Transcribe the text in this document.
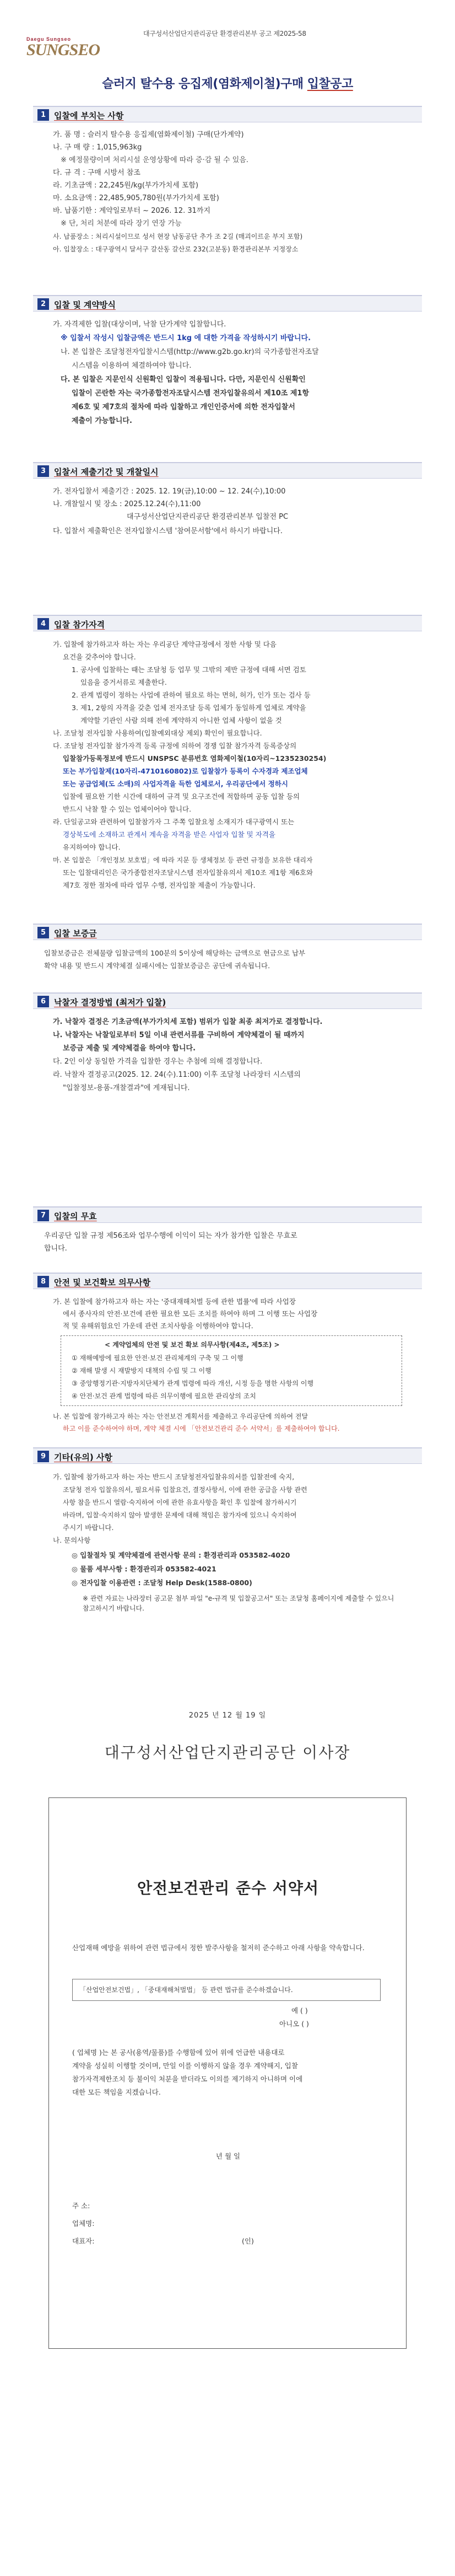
대구성서산업단지관리공단 환경관리본부 공고 제2025-58
Daegu Sungseo
SUNGSEO
슬러지 탈수용 응집제(염화제이철)구매 입찰공고
1 입찰에 부치는 사항
가. 품 명 : 슬러지 탈수용 응집제(염화제이철) 구매(단가계약)
나. 구 매 량 : 1,015,963kg
※ 예정물량이며 처리시설 운영상황에 따라 증·감 될 수 있음.
다. 규 격 : 구매 시방서 참조
라. 기초금액 : 22,245원/kg(부가가치세 포함)
마. 소요금액 : 22,485,905,780원(부가가치세 포함)
바. 납품기한 : 계약일로부터 ~ 2026. 12. 31까지
※ 단, 처리 처분에 따라 장기 연장 가능
사. 납품장소 : 처리시설이므로 성서 현장 남동공단 추가 조 2길 (매괴이르운 부지 포함)
아. 입찰장소 : 대구광역시 달서구 갈산동 갈산로 232(고분동) 환경관리본부 지정장소
2 입찰 및 계약방식
가. 자격제한 입찰(대상이며, 낙찰 단가계약 입찰합니다.
※ 입찰서 작성시 입찰금액은 반드시 1kg 에 대한 가격을 작성하시기 바랍니다.
나. 본 입찰은 조달청전자입찰시스템(http://www.g2b.go.kr)의 국가종합전자조달
시스템을 이용하여 체결하여야 합니다.
다. 본 입찰은 지문인식 신원확인 입찰이 적용됩니다. 다만, 지문인식 신원확인
입찰이 곤란한 자는 국가종합전자조달시스템 전자입찰유의서 제10조 제1항
제6호 및 제7호의 절차에 따라 입찰하고 개인인증서에 의한 전자입찰서
제출이 가능합니다.
3 입찰서 제출기간 및 개찰일시
가. 전자입찰서 제출기간 : 2025. 12. 19(금),10:00 ~ 12. 24(수),10:00
나. 개찰일시 및 장소 : 2025.12.24(수),11:00
대구성서산업단지관리공단 환경관리본부 입찰전 PC
다. 입찰서 제출확인은 전자입찰시스템 '참여문서함'에서 하시기 바랍니다.
4 입찰 참가자격
가. 입찰에 참가하고자 하는 자는 우리공단 계약규정에서 정한 사항 및 다음
요건을 갖추어야 합니다.
1. 공사에 입찰하는 때는 조달청 등 업무 및 그밖의 제반 규정에 대해 서면 검토
있음을 증거서류로 제출한다.
2. 관계 법령이 정하는 사업에 관하여 필요로 하는 면허, 허가, 인가 또는 검사 등
3. 제1, 2항의 자격을 갖춘 업체 전자조달 등록 업체가 동일하게 업체로 계약을
계약할 기관인 사람 의해 전에 계약하지 아니한 업체 사항이 없을 것
나. 조달청 전자입찰 사용하여(입찰예외대상 제외) 확인이 필요합니다.
다. 조달청 전자입찰 참가자격 등록 규정에 의하여 경쟁 입찰 참가자격 등록증상의
입찰참가등록정보에 반드시 UNSPSC 분류번호 염화제이철(10자리~1235230254)
또는 부가입찰제(10자리-4710160802)로 입찰참가 등록이 수자경과 제조업체
또는 공급업체(도 소매)의 사업자격을 득한 업체로서, 우리공단에서 정하시
입찰에 필요한 기한 시간에 대하여 규격 및 요구조건에 적합하며 공동 입찰 등의
반드시 낙찰 할 수 있는 업체이어야 합니다.
라. 단일공고와 관련하여 입찰참가자 그 주쪽 입찰요청 소재지가 대구광역시 또는
경상북도에 소재하고 관계서 계속을 자격을 받은 사업자 입찰 및 자격을
유지하여야 합니다.
마. 본 입찰은 「개인정보 보호법」에 따라 지문 등 생체정보 등 관련 규정을 보유한 대리자
또는 입찰대리인은 국가종합전자조달시스템 전자입찰유의서 제10조 제1항 제6호와
제7호 정한 절차에 따라 업무 수행, 전자입찰 제출이 가능합니다.
5 입찰 보증금
입찰보증금은 전체물량 입찰금액의 100분의 5이상에 해당하는 금액으로 현금으로 납부
확약 내용 및 반드시 계약체결 실패시에는 입찰보증금은 공단에 귀속됩니다.
6 낙찰자 결정방법 (최저가 입찰)
가. 낙찰자 결정은 기초금액(부가가치세 포함) 범위가 입찰 최종 최저가로 결정합니다.
나. 낙찰자는 낙찰일로부터 5일 이내 관련서류를 구비하여 계약체결이 될 때까지
보증금 제출 및 계약체결을 하여야 합니다.
다. 2인 이상 동일한 가격을 입찰한 경우는 추첨에 의해 결정합니다.
라. 낙찰자 결정공고(2025. 12. 24(수).11:00) 이후 조달청 나라장터 시스템의
"입찰정보-용품-개찰결과"에 게재됩니다.
7 입찰의 무효
우리공단 입찰 규정 제56조와 업무수행에 이익이 되는 자가 참가한 입찰은 무효로
합니다.
8 안전 및 보건확보 의무사항
가. 본 입찰에 참가하고자 하는 자는 '중대재해처벌 등에 관한 법률'에 따라 사업장
에서 종사자의 안전·보건에 관한 필요한 모든 조치를 하여야 하며 그 이행 또는 사업장
적 및 유해위험요인 가운데 관련 조치사항을 이행하여야 합니다.
< 계약업체의 안전 및 보건 확보 의무사항(제4조, 제5조) >
① 재해예방에 필요한 안전·보건 관리체계의 구축 및 그 이행
② 재해 발생 시 재발방지 대책의 수립 및 그 이행
③ 중앙행정기관·지방자치단체가 관계 법령에 따라 개선, 시정 등을 명한 사항의 이행
④ 안전·보건 관계 법령에 따른 의무이행에 필요한 관리상의 조치
나. 본 입찰에 참가하고자 하는 자는 안전보건 계획서를 제출하고 우리공단에 의하여 전달
하고 이를 준수하여야 하며, 계약 체결 시에 「안전보건관리 준수 서약서」를 제출하여야 합니다.
9 기타(유의) 사항
가. 입찰에 참가하고자 하는 자는 반드시 조달청전자입찰유의서를 입찰전에 숙지,
조달청 전자 입찰유의서, 필요서류 입찰요건, 결정사항서, 이에 관한 공급을 사항 관련
사항 참을 반드시 열람·숙지하여 이에 관한 유효사항을 확인 후 입찰에 참가하시기
바라며, 입찰·숙지하지 않아 발생한 문제에 대해 책임은 참가자에 있으니 숙지하여
주시기 바랍니다.
나. 문의사항
◎ 입찰절차 및 계약체결에 관련사항 문의 : 환경관리과 053582-4020
◎ 물품 세부사항 : 환경관리과 053582-4021
◎ 전자입찰 이용관련 : 조달청 Help Desk(1588-0800)
※ 관련 자료는 나라장터 공고문 첨부 파일 "e-규격 및 입찰공고서" 또는 조달청 홈페이지에 제출할 수 있으니 참고하시기 바랍니다.
2025 년 12 월 19 일
대구성서산업단지관리공단 이사장
안전보건관리 준수 서약서
산업재해 예방을 위하여 관련 법규에서 정한 발주사항을 철저히 준수하고 아래 사항을 약속합니다.
「산업안전보건법」, 「중대재해처벌법」 등 관련 법규를 준수하겠습니다.
예 ( )
아니오 ( )
( 업체명 )는 본 공사(용역/물품)를 수행함에 있어 위에 언급한 내용대로
계약을 성실히 이행할 것이며, 만일 이를 이행하지 않을 경우 계약해지, 입찰
참가자격제한조치 등 불이익 처분을 받더라도 이의를 제기하지 아니하며 이에
대한 모든 책임을 지겠습니다.
년 월 일
주 소:
업체명:
대표자:	(인)
